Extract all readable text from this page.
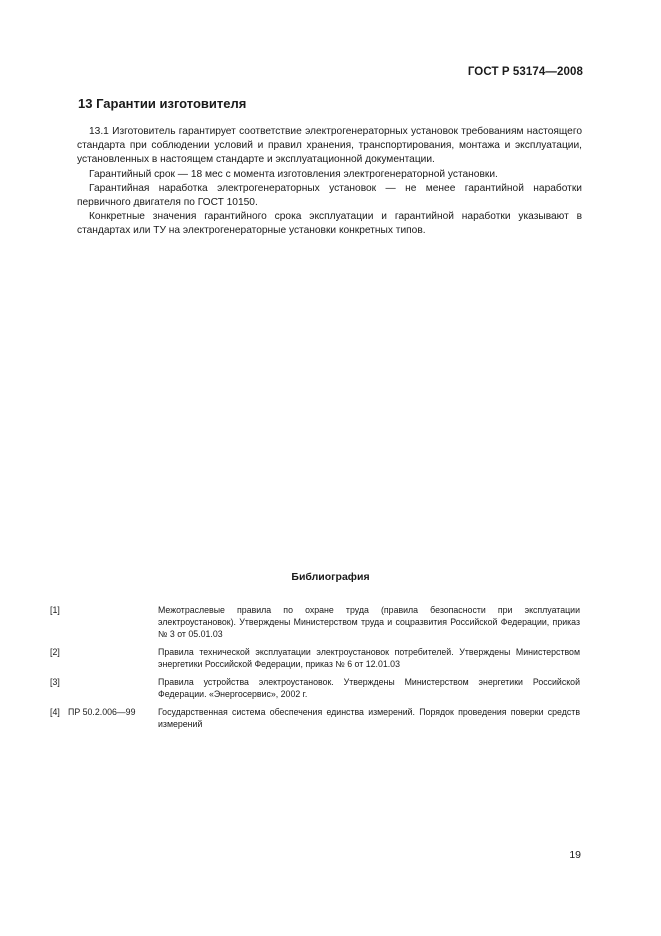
ГОСТ Р 53174—2008
13 Гарантии изготовителя

13.1 Изготовитель гарантирует соответствие электрогенераторных установок требованиям настоящего стандарта при соблюдении условий и правил хранения, транспортирования, монтажа и эксплуатации, установленных в настоящем стандарте и эксплуатационной документации.

Гарантийный срок — 18 мес с момента изготовления электрогенераторной установки.

Гарантийная наработка электрогенераторных установок — не менее гарантийной наработки первичного двигателя по ГОСТ 10150.

Конкретные значения гарантийного срока эксплуатации и гарантийной наработки указывают в стандартах или ТУ на электрогенераторные установки конкретных типов.

Библиография
[1]	Межотраслевые правила по охране труда (правила безопасности при эксплуатации электроустановок). Утверждены Министерством труда и соцразвития Российской Федерации, приказ № 3 от 05.01.03
[2]	Правила технической эксплуатации электроустановок потребителей. Утверждены Министерством энергетики Российской Федерации, приказ № 6 от 12.01.03
[3]	Правила устройства электроустановок. Утверждены Министерством энергетики Российской Федерации. «Энергосервис», 2002 г.
[4] ПР 50.2.006—99	Государственная система обеспечения единства измерений. Порядок проведения поверки средств измерений
19
